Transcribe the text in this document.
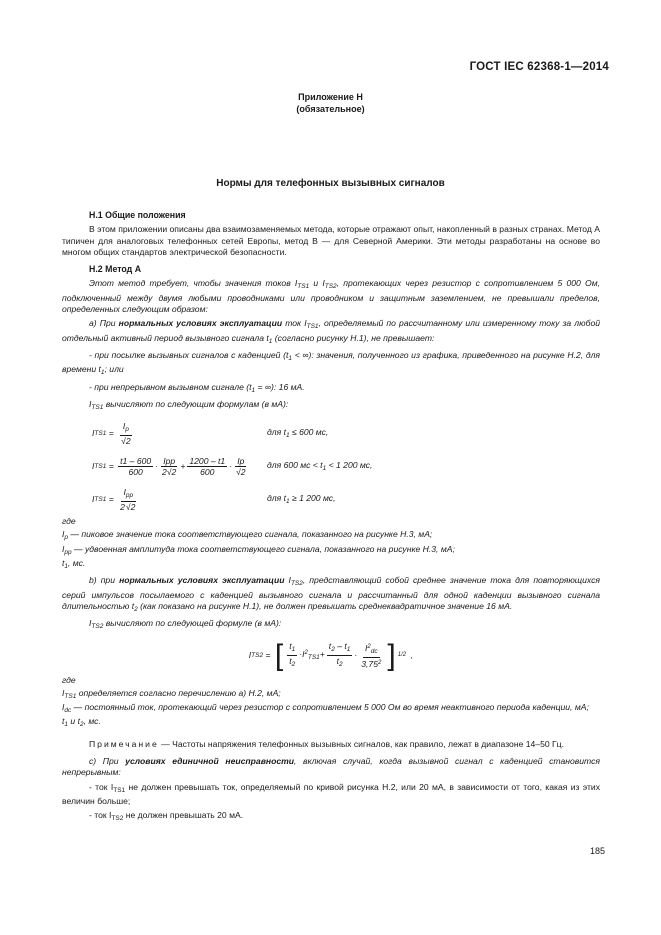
ГОСТ IEC 62368-1—2014
Приложение Н
(обязательное)
Нормы для телефонных вызывных сигналов
Н.1 Общие положения

В этом приложении описаны два взаимозаменяемых метода, которые отражают опыт, накопленный в разных странах. Метод А типичен для аналоговых телефонных сетей Европы, метод В — для Северной Америки. Эти методы разработаны на основе во многом общих стандартов электрической безопасности.

Н.2 Метод А

Этот метод требует, чтобы значения токов $I_{TS1}$ и $I_{TS2}$, протекающих через резистор с сопротивлением 5 000 Ом, подключенный между двумя любыми проводниками или проводником и защитным заземлением, не превышали пределов, определенных следующим образом:

а) При нормальных условиях эксплуатации ток $I_{TS1}$, определяемый по рассчитанному или измеренному току за любой отдельный активный период вызывного сигнала $t_1$ (согласно рисунку Н.1), не превышает:

- при посылке вызывных сигналов с каденцией ($t_1$ < ∞): значения, полученного из графика, приведенного на рисунке Н.2, для времени $t_1$; или

- при непрерывном вызывном сигнале ($t_1$ = ∞): 16 мА.

$I_{TS1}$ вычисляют по следующим формулам (в мА):

I $TS1 = \frac{I_p}{√2}$	для $t_1 \le 600$ мс,
I $TS1 = \frac{t1 - 600}{600} \cdot \frac{\text{Ipp}}{2√2} + \frac{1200 - t1}{600} \cdot \frac{Ip}{√2}$ для 600 мс < $t_1 < 1$ 200 мс,
I $TS1 = \frac{I_{pp}}{2√2}$	для $t_1 \ge 1$ 200 мс,
где

$I_p$ — пиковое значение тока соответствующего сигнала, показанного на рисунке Н.3, мА;

$I_{pp}$ — удвоенная амплитуда тока соответствующего сигнала, показанного на рисунке Н.3, мА;

$t_1$, мс.

b) при нормальных условиях эксплуатации $I_{TS2}$, представляющий собой среднее значение тока для повторяющихся серий импульсов посылаемого с каденцией вызывного сигнала и рассчитанный для одной каденции вызывного сигнала длительностью $t_2$ (как показано на рисунке Н.1), не должен превышать среднеквадратичное значение 16 мА.

$I_{TS2}$ вычисляют по следующей формуле (в мА):

I TS2 = [ $\frac{t_1}{t_2} \cdot I^2_{TS1}+ \frac{t_2 - t_1}{t_2} \cdot \frac{I^2_{dc}}{3,75^2}$ ] 1/2 ,
где

$I_{TS1}$ определяется согласно перечислению а) Н.2, мА;

$I_{dc}$ — постоянный ток, протекающий через резистор с сопротивлением 5 000 Ом во время неактивного периода каденции, мА;

$t_1$ и $t_2$, мс.

Примечание — Частоты напряжения телефонных вызывных сигналов, как правило, лежат в диапазоне 14–50 Гц.

с) При условиях единичной неисправности, включая случай, когда вызывной сигнал с каденцией становится непрерывным:

- ток $I_{TS1}$ не должен превышать ток, определяемый по кривой рисунка Н.2, или 20 мА, в зависимости от того, какая из этих величин больше;

- ток $I_{TS2}$ не должен превышать 20 мА.

185
